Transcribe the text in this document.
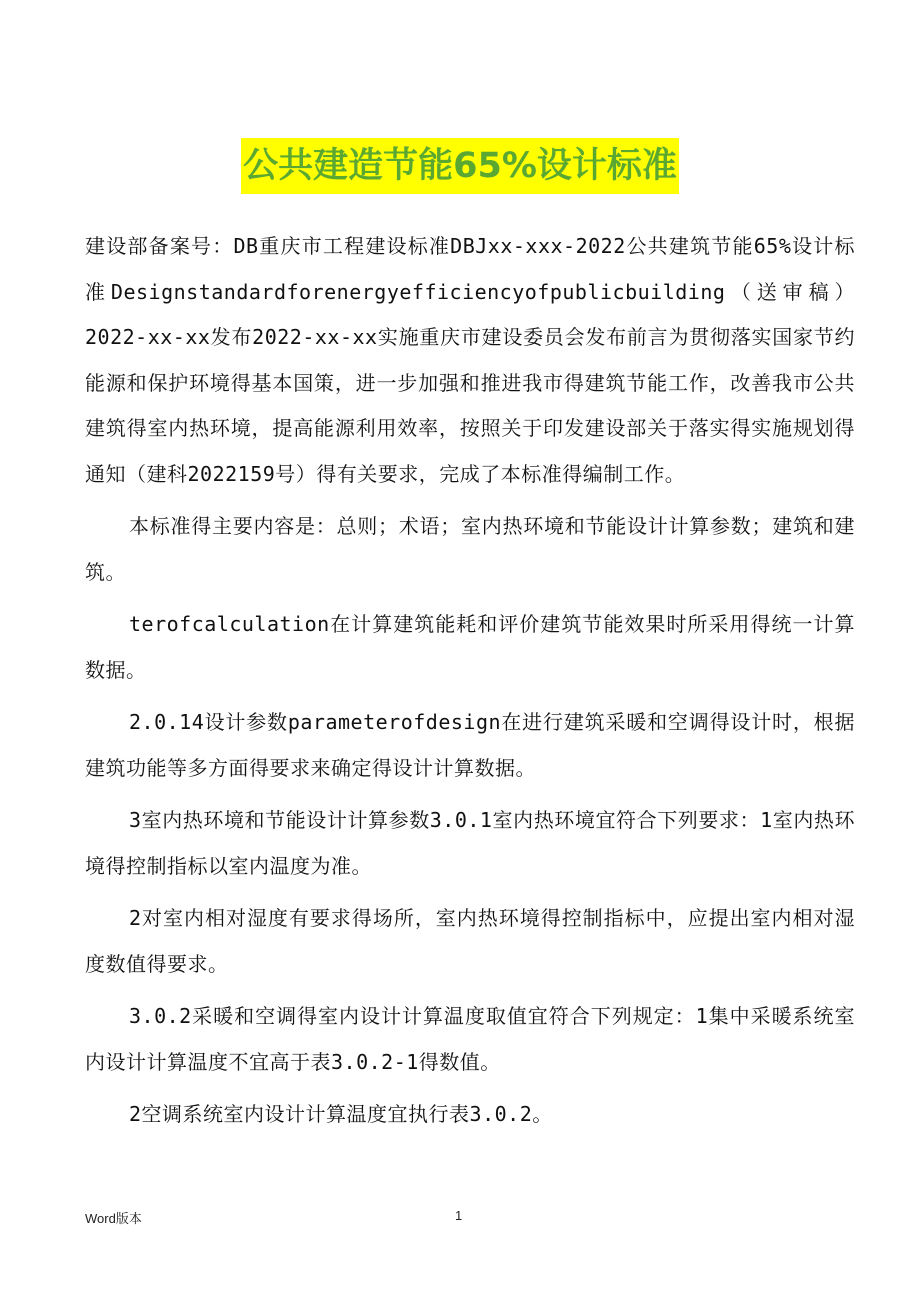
公共建造节能65%设计标准

建设部备案号：DB重庆市工程建设标准DBJxx-xxx-2022公共建筑节能65%设计标准Designstandardforenergyefficiencyofpublicbuilding（送审稿）2022-xx-xx发布2022-xx-xx实施重庆市建设委员会发布前言为贯彻落实国家节约能源和保护环境得基本国策，进一步加强和推进我市得建筑节能工作，改善我市公共建筑得室内热环境，提高能源利用效率，按照关于印发建设部关于落实得实施规划得通知（建科2022159号）得有关要求，完成了本标准得编制工作。

本标准得主要内容是：总则；术语；室内热环境和节能设计计算参数；建筑和建筑。

terofcalculation在计算建筑能耗和评价建筑节能效果时所采用得统一计算数据。

2.0.14设计参数parameterofdesign在进行建筑采暖和空调得设计时，根据建筑功能等多方面得要求来确定得设计计算数据。

3室内热环境和节能设计计算参数3.0.1室内热环境宜符合下列要求：1室内热环境得控制指标以室内温度为准。

2对室内相对湿度有要求得场所，室内热环境得控制指标中，应提出室内相对湿度数值得要求。

3.0.2采暖和空调得室内设计计算温度取值宜符合下列规定：1集中采暖系统室内设计计算温度不宜高于表3.0.2-1得数值。

2空调系统室内设计计算温度宜执行表3.0.2。

Word版本	1
